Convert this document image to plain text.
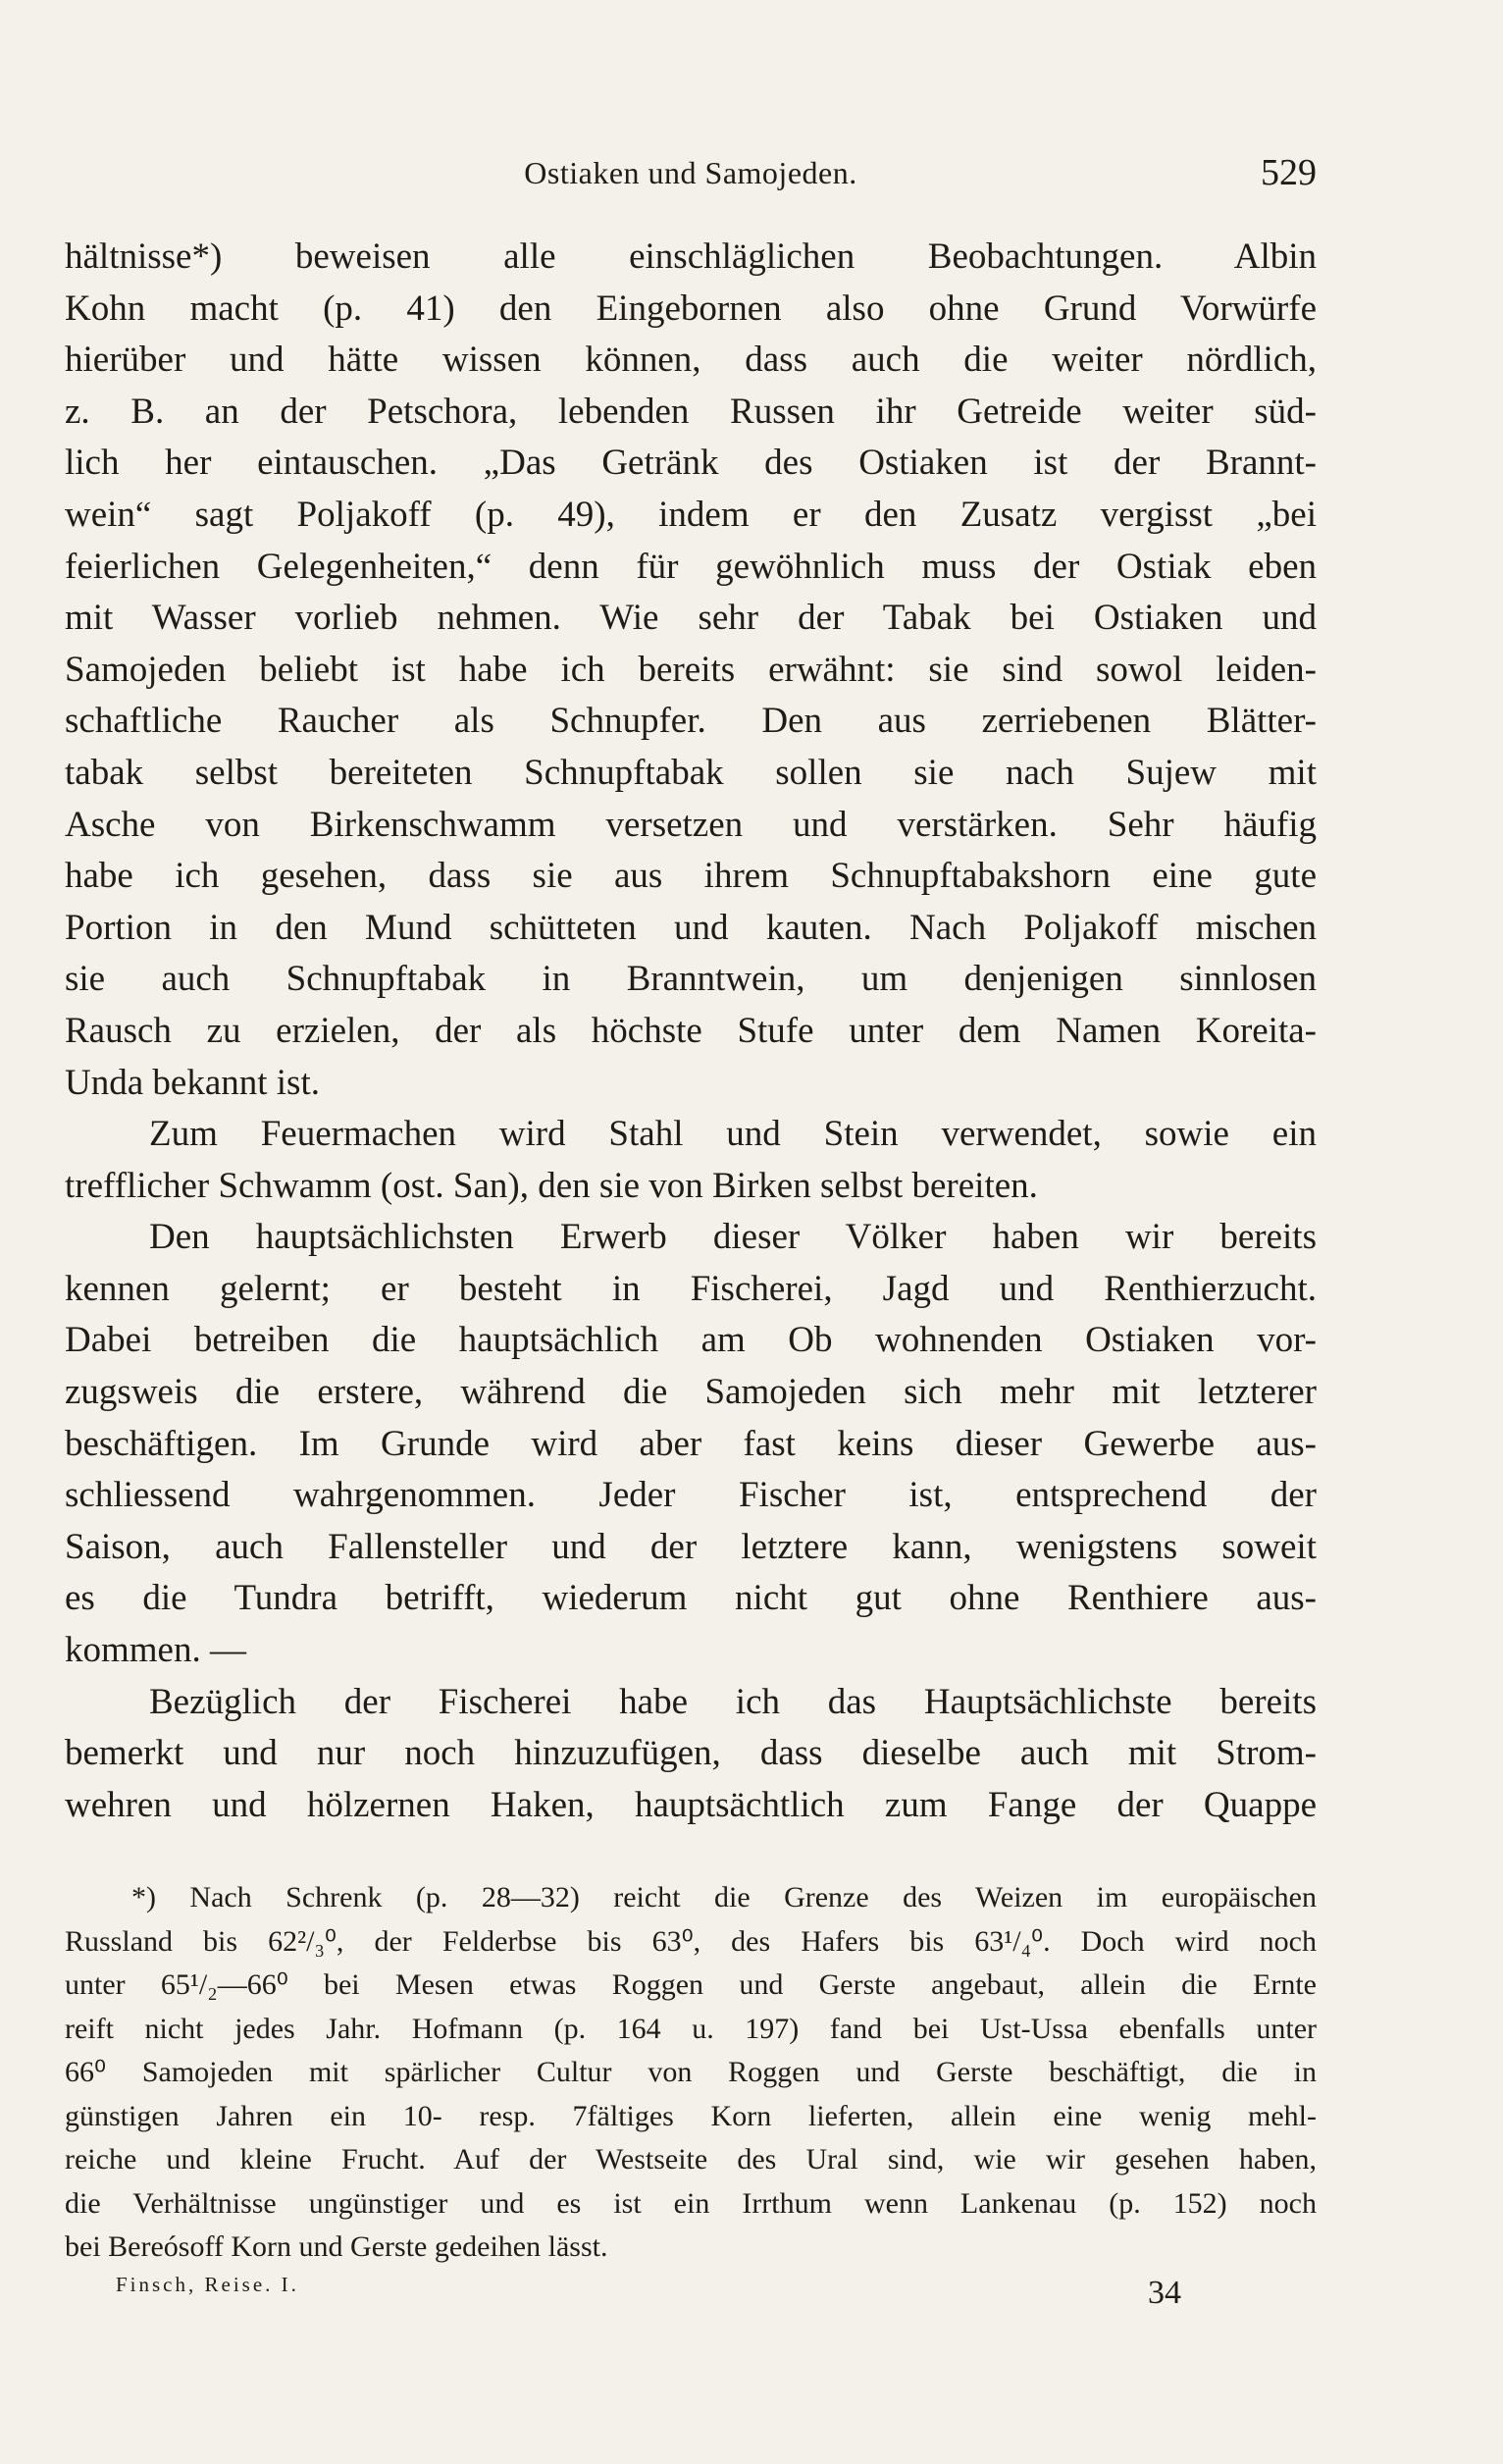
Ostiaken und Samojeden.	529
hältnisse*) beweisen alle einschläglichen Beobachtungen. Albin
Kohn macht (p. 41) den Eingebornen also ohne Grund Vorwürfe
hierüber und hätte wissen können, dass auch die weiter nördlich,
z. B. an der Petschora, lebenden Russen ihr Getreide weiter süd-
lich her eintauschen. „Das Getränk des Ostiaken ist der Brannt-
wein“ sagt Poljakoff (p. 49), indem er den Zusatz vergisst „bei
feierlichen Gelegenheiten,“ denn für gewöhnlich muss der Ostiak eben
mit Wasser vorlieb nehmen. Wie sehr der Tabak bei Ostiaken und
Samojeden beliebt ist habe ich bereits erwähnt: sie sind sowol leiden-
schaftliche Raucher als Schnupfer. Den aus zerriebenen Blätter-
tabak selbst bereiteten Schnupftabak sollen sie nach Sujew mit
Asche von Birkenschwamm versetzen und verstärken. Sehr häufig
habe ich gesehen, dass sie aus ihrem Schnupftabakshorn eine gute
Portion in den Mund schütteten und kauten. Nach Poljakoff mischen
sie auch Schnupftabak in Branntwein, um denjenigen sinnlosen
Rausch zu erzielen, der als höchste Stufe unter dem Namen Koreita-
Unda bekannt ist.
Zum Feuermachen wird Stahl und Stein verwendet, sowie ein
trefflicher Schwamm (ost. San), den sie von Birken selbst bereiten.
Den hauptsächlichsten Erwerb dieser Völker haben wir bereits
kennen gelernt; er besteht in Fischerei, Jagd und Renthierzucht.
Dabei betreiben die hauptsächlich am Ob wohnenden Ostiaken vor-
zugsweis die erstere, während die Samojeden sich mehr mit letzterer
beschäftigen. Im Grunde wird aber fast keins dieser Gewerbe aus-
schliessend wahrgenommen. Jeder Fischer ist, entsprechend der
Saison, auch Fallensteller und der letztere kann, wenigstens soweit
es die Tundra betrifft, wiederum nicht gut ohne Renthiere aus-
kommen. —
Bezüglich der Fischerei habe ich das Hauptsächlichste bereits
bemerkt und nur noch hinzuzufügen, dass dieselbe auch mit Strom-
wehren und hölzernen Haken, hauptsächtlich zum Fange der Quappe
*) Nach Schrenk (p. 28—32) reicht die Grenze des Weizen im europäischen
Russland bis 62²/₃⁰, der Felderbse bis 63⁰, des Hafers bis 63¹/₄⁰. Doch wird noch
unter 65¹/₂—66⁰ bei Mesen etwas Roggen und Gerste angebaut, allein die Ernte
reift nicht jedes Jahr. Hofmann (p. 164 u. 197) fand bei Ust-Ussa ebenfalls unter
66⁰ Samojeden mit spärlicher Cultur von Roggen und Gerste beschäftigt, die in
günstigen Jahren ein 10- resp. 7fältiges Korn lieferten, allein eine wenig mehl-
reiche und kleine Frucht. Auf der Westseite des Ural sind, wie wir gesehen haben,
die Verhältnisse ungünstiger und es ist ein Irrthum wenn Lankenau (p. 152) noch
bei Bereósoff Korn und Gerste gedeihen lässt.
Finsch, Reise. I.	34
